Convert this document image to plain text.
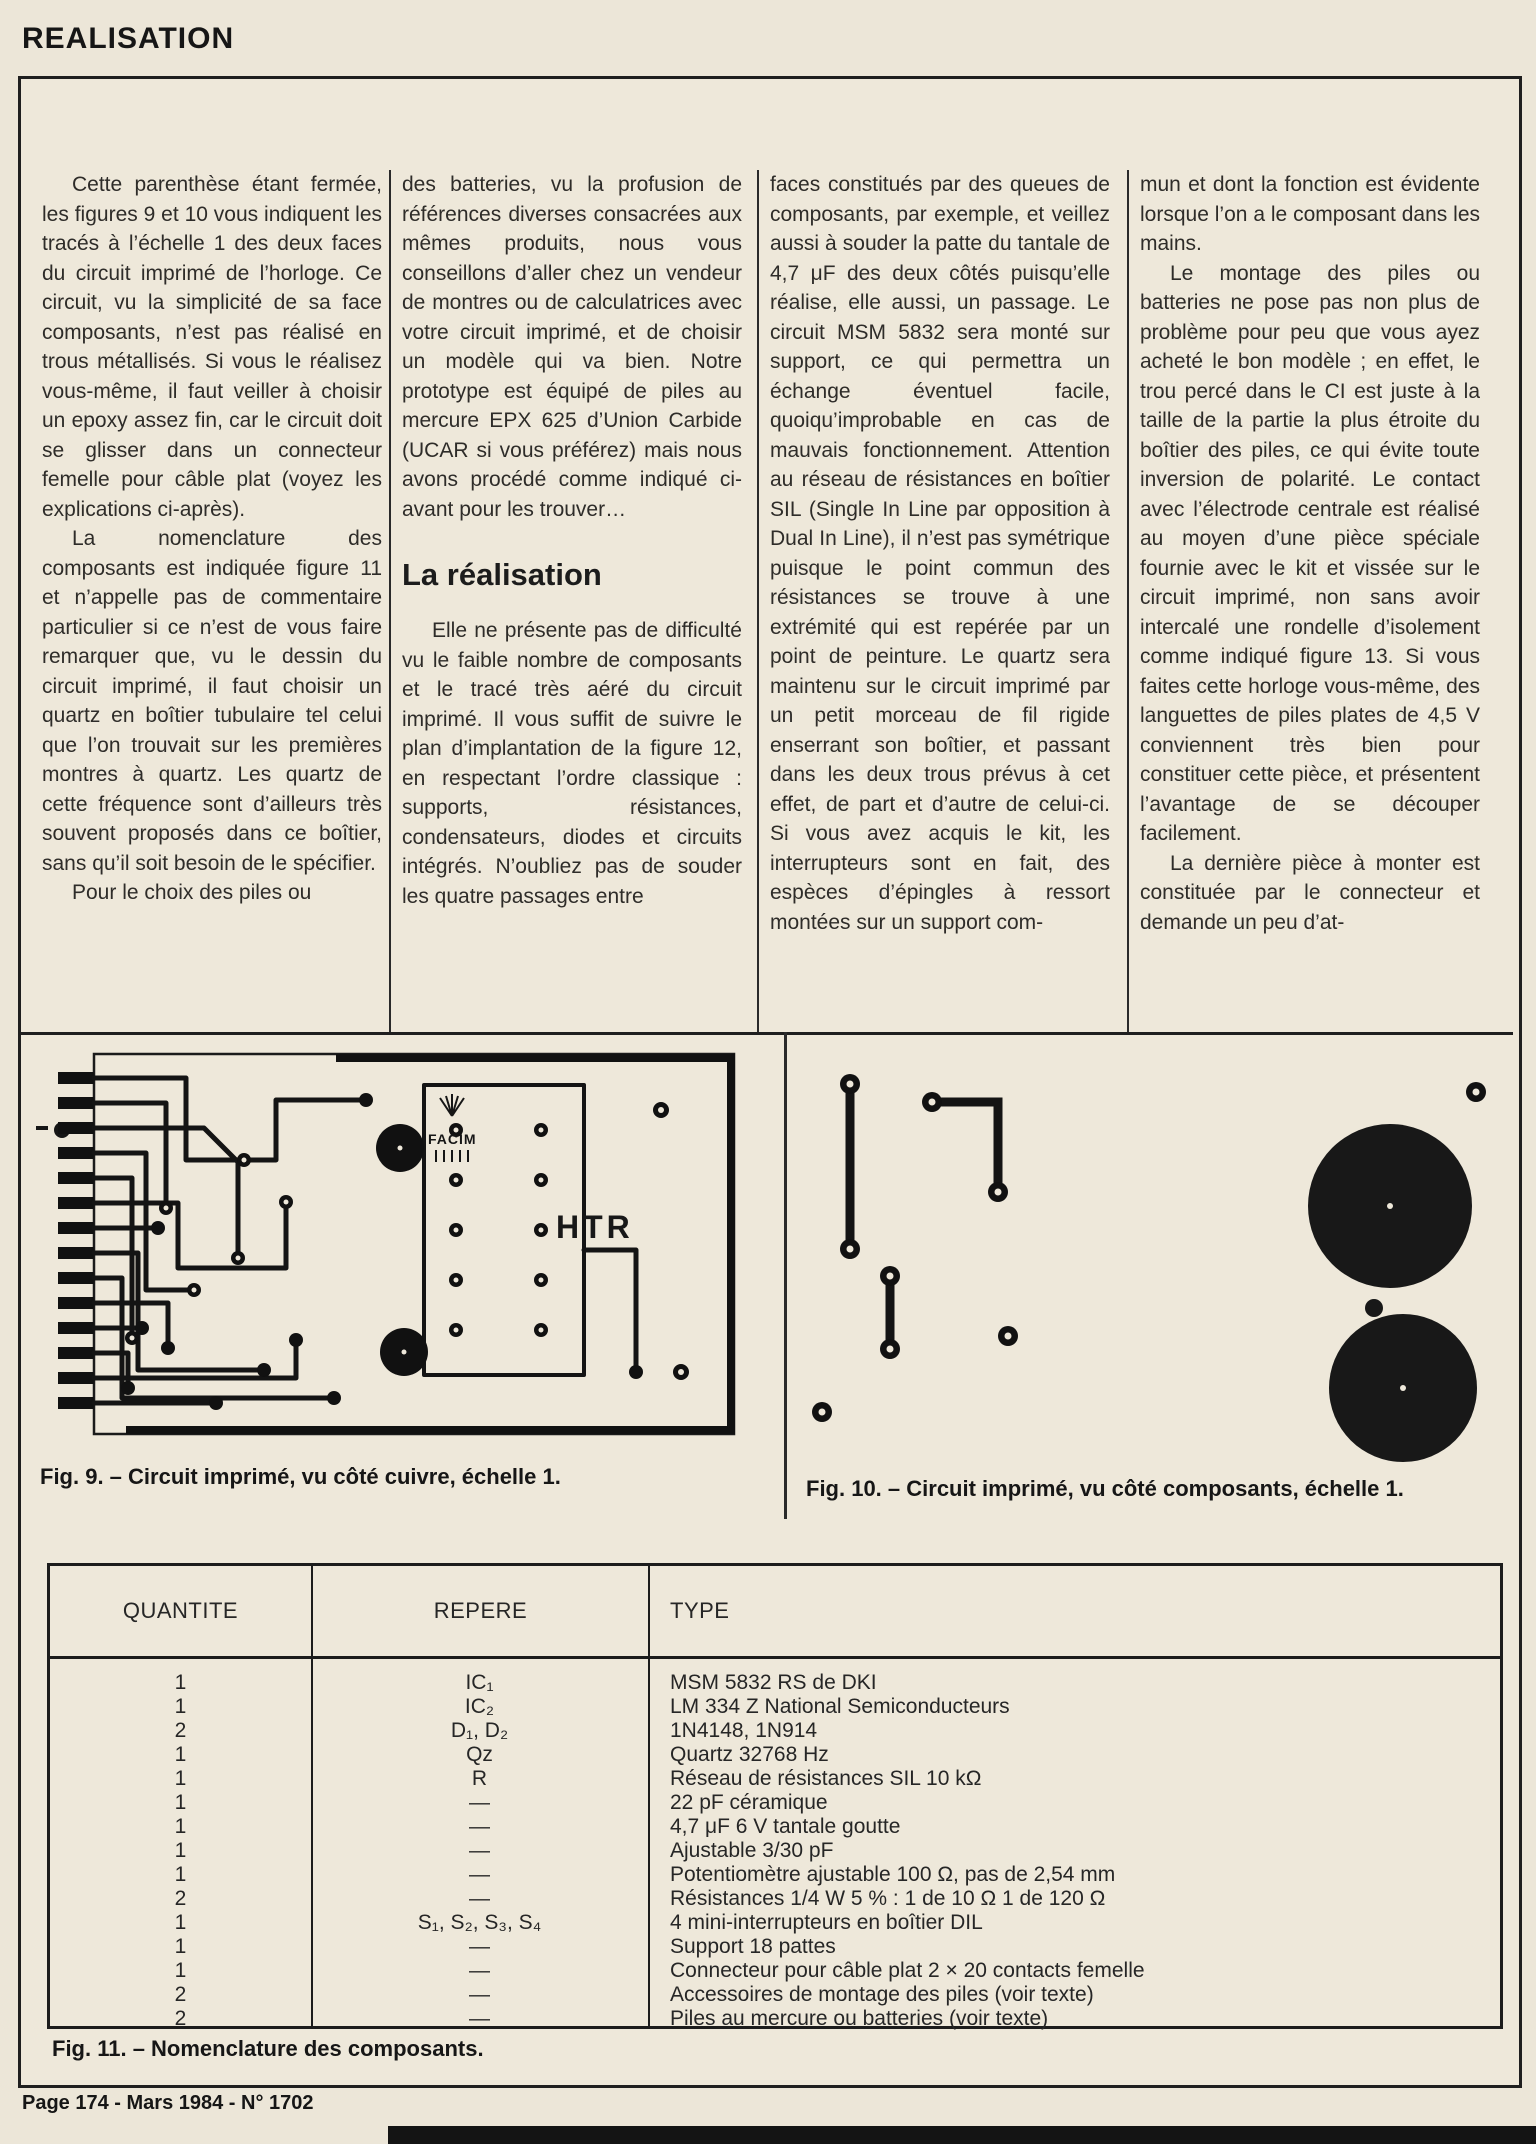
REALISATION

Cette parenthèse étant fermée, les figures 9 et 10 vous indiquent les tracés à l’échelle 1 des deux faces du circuit imprimé de l’horloge. Ce circuit, vu la simplicité de sa face composants, n’est pas réalisé en trous métallisés. Si vous le réalisez vous-même, il faut veiller à choisir un epoxy assez fin, car le circuit doit se glisser dans un connecteur femelle pour câble plat (voyez les explications ci-après).

La nomenclature des composants est indiquée figure 11 et n’appelle pas de commentaire particulier si ce n’est de vous faire remarquer que, vu le dessin du circuit imprimé, il faut choisir un quartz en boîtier tubulaire tel celui que l’on trouvait sur les premières montres à quartz. Les quartz de cette fréquence sont d’ailleurs très souvent proposés dans ce boîtier, sans qu’il soit besoin de le spécifier.

Pour le choix des piles ou

des batteries, vu la profusion de références diverses consacrées aux mêmes produits, nous vous conseillons d’aller chez un vendeur de montres ou de calculatrices avec votre circuit imprimé, et de choisir un modèle qui va bien. Notre prototype est équipé de piles au mercure EPX 625 d’Union Carbide (UCAR si vous préférez) mais nous avons procédé comme indiqué ci-avant pour les trouver…

La réalisation

Elle ne présente pas de difficulté vu le faible nombre de composants et le tracé très aéré du circuit imprimé. Il vous suffit de suivre le plan d’implantation de la figure 12, en respectant l’ordre classique : supports, résistances, condensateurs, diodes et circuits intégrés. N’oubliez pas de souder les quatre passages entre

faces constitués par des queues de composants, par exemple, et veillez aussi à souder la patte du tantale de 4,7 μF des deux côtés puisqu’elle réalise, elle aussi, un passage. Le circuit MSM 5832 sera monté sur support, ce qui permettra un échange éventuel facile, quoiqu’improbable en cas de mauvais fonctionnement. Attention au réseau de résistances en boîtier SIL (Single In Line par opposition à Dual In Line), il n’est pas symétrique puisque le point commun des résistances se trouve à une extrémité qui est repérée par un point de peinture. Le quartz sera maintenu sur le circuit imprimé par un petit morceau de fil rigide enserrant son boîtier, et passant dans les deux trous prévus à cet effet, de part et d’autre de celui-ci. Si vous avez acquis le kit, les interrupteurs sont en fait, des espèces d’épingles à ressort montées sur un support com-

mun et dont la fonction est évidente lorsque l’on a le composant dans les mains.

Le montage des piles ou batteries ne pose pas non plus de problème pour peu que vous ayez acheté le bon modèle ; en effet, le trou percé dans le CI est juste à la taille de la partie la plus étroite du boîtier des piles, ce qui évite toute inversion de polarité. Le contact avec l’électrode centrale est réalisé au moyen d’une pièce spéciale fournie avec le kit et vissée sur le circuit imprimé, non sans avoir intercalé une rondelle d’isolement comme indiqué figure 13. Si vous faites cette horloge vous-même, des languettes de piles plates de 4,5 V conviennent très bien pour constituer cette pièce, et présentent l’avantage de se découper facilement.

La dernière pièce à monter est constituée par le connecteur et demande un peu d’at-

FACIM
HTR
Fig. 9. – Circuit imprimé, vu côté cuivre, échelle 1.	Fig. 10. – Circuit imprimé, vu côté composants, échelle 1.
QUANTITE	REPERE	TYPE
1	IC₁	MSM 5832 RS de DKI
1	IC₂	LM 334 Z National Semiconducteurs
2	D₁, D₂	1N4148, 1N914
1	Qz	Quartz 32768 Hz
1	R	Réseau de résistances SIL 10 kΩ
1	—	22 pF céramique
1	—	4,7 μF 6 V tantale goutte
1	—	Ajustable 3/30 pF
1	—	Potentiomètre ajustable 100 Ω, pas de 2,54 mm
2	—	Résistances 1/4 W 5 % : 1 de 10 Ω 1 de 120 Ω
1	S₁, S₂, S₃, S₄	4 mini-interrupteurs en boîtier DIL
1	—	Support 18 pattes
1	—	Connecteur pour câble plat 2 × 20 contacts femelle
2	—	Accessoires de montage des piles (voir texte)
2	—	Piles au mercure ou batteries (voir texte)
Fig. 11. – Nomenclature des composants.
Page 174 - Mars 1984 - N° 1702
